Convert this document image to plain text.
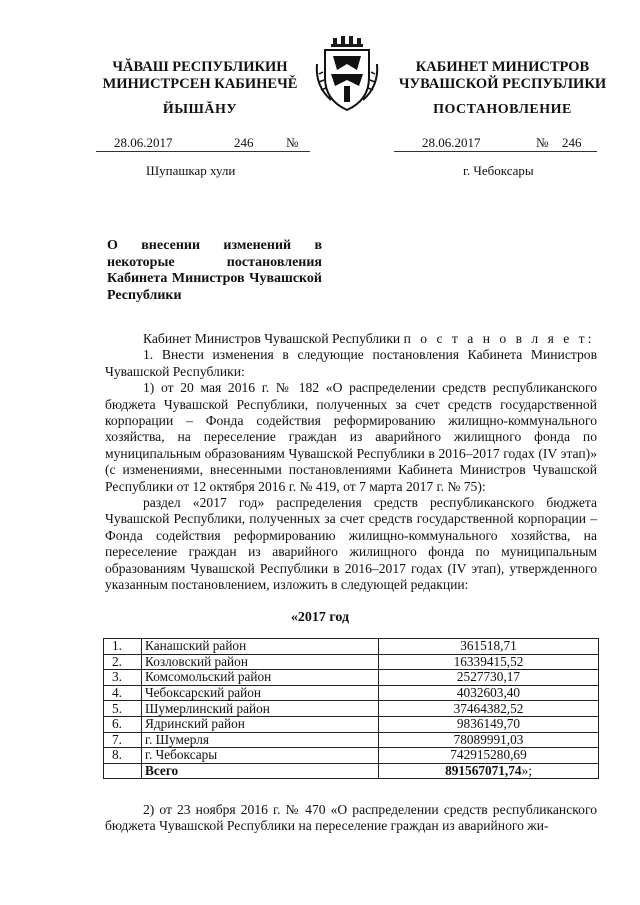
ЧĂВАШ РЕСПУБЛИКИН
МИНИСТРСЕН КАБИНЕЧĚ
ЙЫШĂНУ
КАБИНЕТ МИНИСТРОВ
ЧУВАШСКОЙ РЕСПУБЛИКИ
ПОСТАНОВЛЕНИЕ
28.06.2017	246	№	28.06.2017	№ 246
Шупашкар хули	г. Чебоксары
О внесении изменений в некоторые постановления Кабинета Министров Чувашской Республики

Кабинет Министров Чувашской Республики п о с т а н о в л я е т:

1. Внести изменения в следующие постановления Кабинета Министров Чувашской Республики:

1) от 20 мая 2016 г. № 182 «О распределении средств республиканского бюджета Чувашской Республики, полученных за счет средств государственной корпорации – Фонда содействия реформированию жилищно-коммунального хозяйства, на переселение граждан из аварийного жилищного фонда по муниципальным образованиям Чувашской Республики в 2016–2017 годах (IV этап)» (с изменениями, внесенными постановлениями Кабинета Министров Чувашской Республики от 12 октября 2016 г. № 419, от 7 марта 2017 г. № 75):

раздел «2017 год» распределения средств республиканского бюджета Чувашской Республики, полученных за счет средств государственной корпорации – Фонда содействия реформированию жилищно-коммунального хозяйства, на переселение граждан из аварийного жилищного фонда по муниципальным образованиям Чувашской Республики в 2016–2017 годах (IV этап), утвержденного указанным постановлением, изложить в следующей редакции:

«2017 год
1.	Канашский район	361518,71
2.	Козловский район	16339415,52
3.	Комсомольский район	2527730,17
4.	Чебоксарский район	4032603,40
5.	Шумерлинский район	37464382,52
6.	Ядринский район	9836149,70
7.	г. Шумерля	78089991,03
8.	г. Чебоксары	742915280,69
	Всего	891567071,74»;

2) от 23 ноября 2016 г. № 470 «О распределении средств республиканского бюджета Чувашской Республики на переселение граждан из аварийного жи-
